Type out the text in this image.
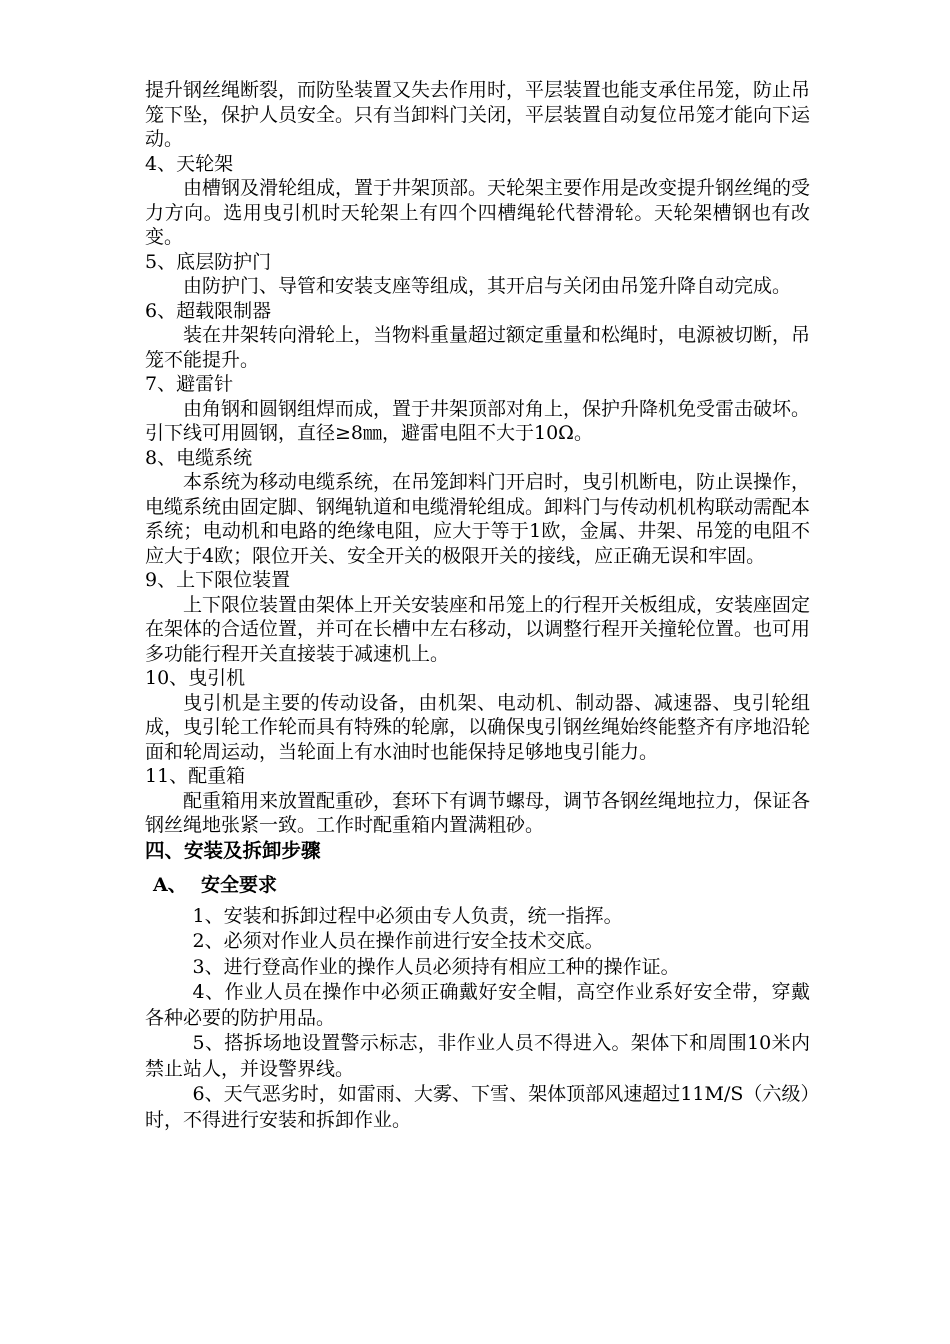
提升钢丝绳断裂，而防坠装置又失去作用时，平层装置也能支承住吊笼，防止吊笼下坠，保护人员安全。只有当卸料门关闭，平层装置自动复位吊笼才能向下运动。

4、天轮架

由槽钢及滑轮组成，置于井架顶部。天轮架主要作用是改变提升钢丝绳的受力方向。选用曳引机时天轮架上有四个四槽绳轮代替滑轮。天轮架槽钢也有改变。

5、底层防护门

由防护门、导管和安装支座等组成，其开启与关闭由吊笼升降自动完成。

6、超载限制器

装在井架转向滑轮上，当物料重量超过额定重量和松绳时，电源被切断，吊笼不能提升。

7、避雷针

由角钢和圆钢组焊而成，置于井架顶部对角上，保护升降机免受雷击破坏。引下线可用圆钢，直径≥8㎜，避雷电阻不大于10Ω。

8、电缆系统

本系统为移动电缆系统，在吊笼卸料门开启时，曳引机断电，防止误操作，电缆系统由固定脚、钢绳轨道和电缆滑轮组成。卸料门与传动机机构联动需配本系统；电动机和电路的绝缘电阻，应大于等于1欧，金属、井架、吊笼的电阻不应大于4欧；限位开关、安全开关的极限开关的接线，应正确无误和牢固。

9、上下限位装置

上下限位装置由架体上开关安装座和吊笼上的行程开关板组成，安装座固定在架体的合适位置，并可在长槽中左右移动，以调整行程开关撞轮位置。也可用多功能行程开关直接装于减速机上。

10、曳引机

曳引机是主要的传动设备，由机架、电动机、制动器、减速器、曳引轮组成，曳引轮工作轮而具有特殊的轮廓，以确保曳引钢丝绳始终能整齐有序地沿轮面和轮周运动，当轮面上有水油时也能保持足够地曳引能力。

11、配重箱

配重箱用来放置配重砂，套环下有调节螺母，调节各钢丝绳地拉力，保证各钢丝绳地张紧一致。工作时配重箱内置满粗砂。

四、安装及拆卸步骤

A、 安全要求

1、安装和拆卸过程中必须由专人负责，统一指挥。

2、必须对作业人员在操作前进行安全技术交底。

3、进行登高作业的操作人员必须持有相应工种的操作证。

4、作业人员在操作中必须正确戴好安全帽，高空作业系好安全带，穿戴各种必要的防护用品。

5、搭拆场地设置警示标志，非作业人员不得进入。架体下和周围10米内禁止站人，并设警界线。

6、天气恶劣时，如雷雨、大雾、下雪、架体顶部风速超过11M/S（六级）时，不得进行安装和拆卸作业。
